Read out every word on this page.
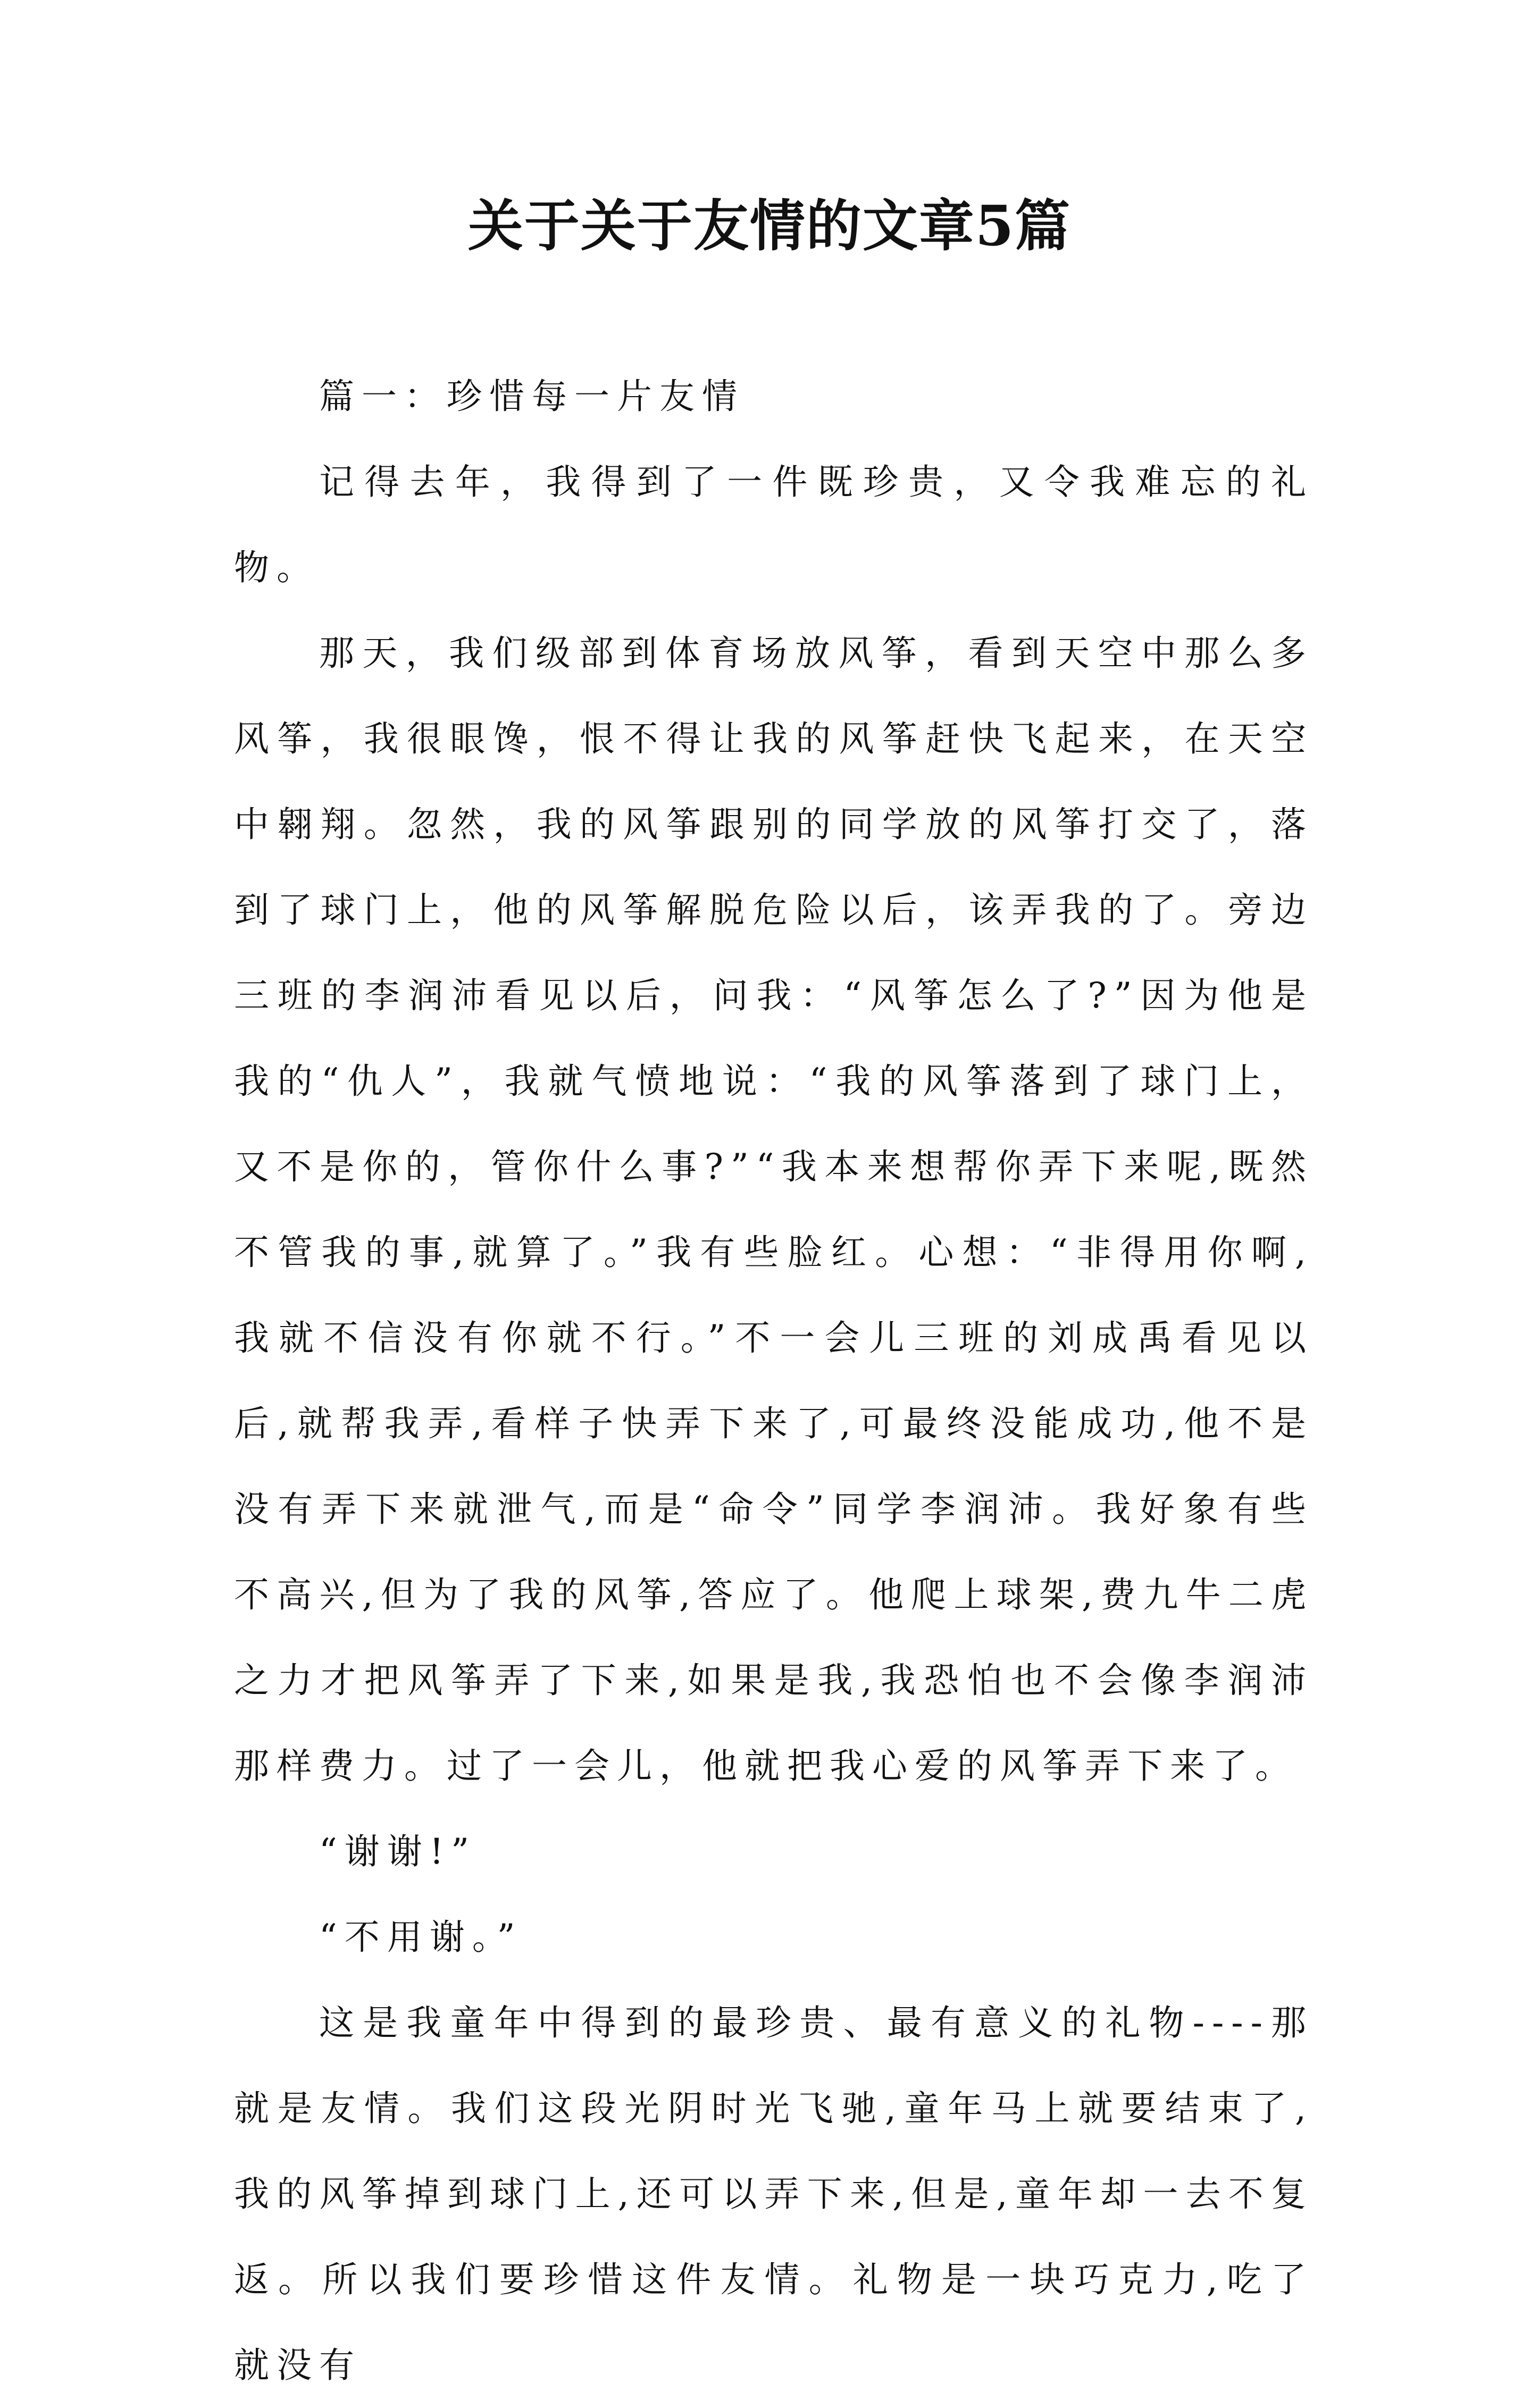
关于关于友情的文章5篇

篇一：珍惜每一片友情

记得去年，我得到了一件既珍贵，又令我难忘的礼物。

那天，我们级部到体育场放风筝，看到天空中那么多风筝，我很眼馋，恨不得让我的风筝赶快飞起来，在天空中翱翔。忽然，我的风筝跟别的同学放的风筝打交了，落到了球门上，他的风筝解脱危险以后，该弄我的了。旁边三班的李润沛看见以后，问我：“风筝怎么了?”因为他是我的“仇人”，我就气愤地说：“我的风筝落到了球门上，又不是你的，管你什么事?”“我本来想帮你弄下来呢,既然不管我的事,就算了。”我有些脸红。心想：“非得用你啊,我就不信没有你就不行。”不一会儿三班的刘成禹看见以后,就帮我弄,看样子快弄下来了,可最终没能成功,他不是没有弄下来就泄气,而是“命令”同学李润沛。我好象有些不高兴,但为了我的风筝,答应了。他爬上球架,费九牛二虎之力才把风筝弄了下来,如果是我,我恐怕也不会像李润沛那样费力。过了一会儿，他就把我心爱的风筝弄下来了。

“谢谢!”

“不用谢。”

这是我童年中得到的最珍贵、最有意义的礼物----那就是友情。我们这段光阴时光飞驰,童年马上就要结束了,我的风筝掉到球门上,还可以弄下来,但是,童年却一去不复返。所以我们要珍惜这件友情。礼物是一块巧克力,吃了就没有
